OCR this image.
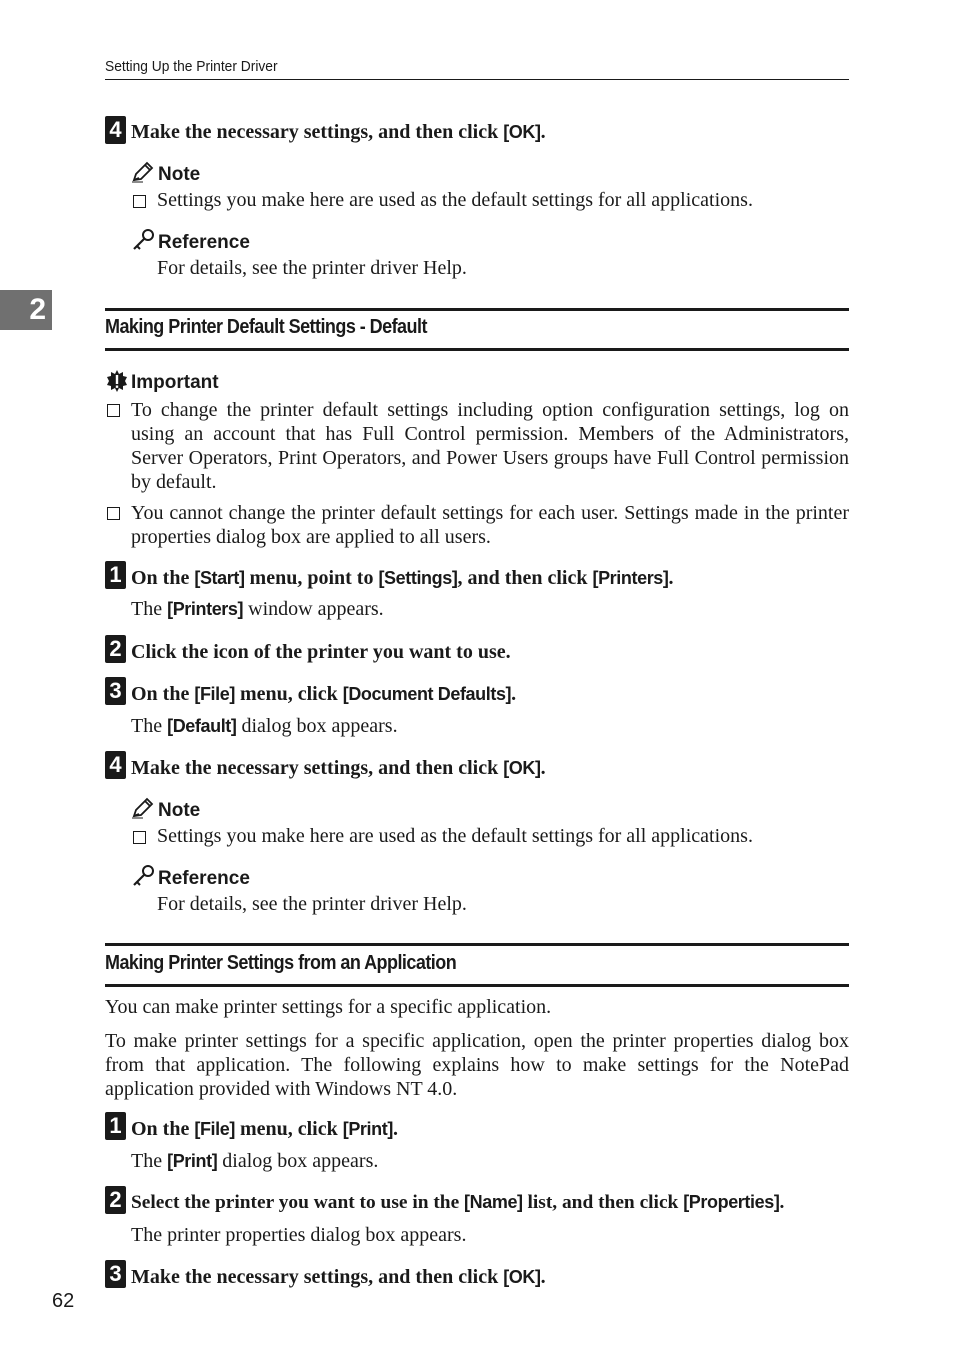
Setting Up the Printer Driver
2
4 Make the necessary settings, and then click [OK].
Note
Settings you make here are used as the default settings for all applications.
Reference
For details, see the printer driver Help.
Making Printer Default Settings - Default
Important
To change the printer default settings including option configuration settings, log on using an account that has Full Control permission. Members of the Administrators, Server Operators, Print Operators, and Power Users groups have Full Control permission by default.
You cannot change the printer default settings for each user. Settings made in the printer properties dialog box are applied to all users.
1 On the [Start] menu, point to [Settings], and then click [Printers].
The [Printers] window appears.
2 Click the icon of the printer you want to use.
3 On the [File] menu, click [Document Defaults].
The [Default] dialog box appears.
4 Make the necessary settings, and then click [OK].
Note
Settings you make here are used as the default settings for all applications.
Reference
For details, see the printer driver Help.
Making Printer Settings from an Application
You can make printer settings for a specific application.
To make printer settings for a specific application, open the printer properties dialog box from that application. The following explains how to make settings for the NotePad application provided with Windows NT 4.0.
1 On the [File] menu, click [Print].
The [Print] dialog box appears.
2 Select the printer you want to use in the [Name] list, and then click [Properties].
The printer properties dialog box appears.
3 Make the necessary settings, and then click [OK].
62
